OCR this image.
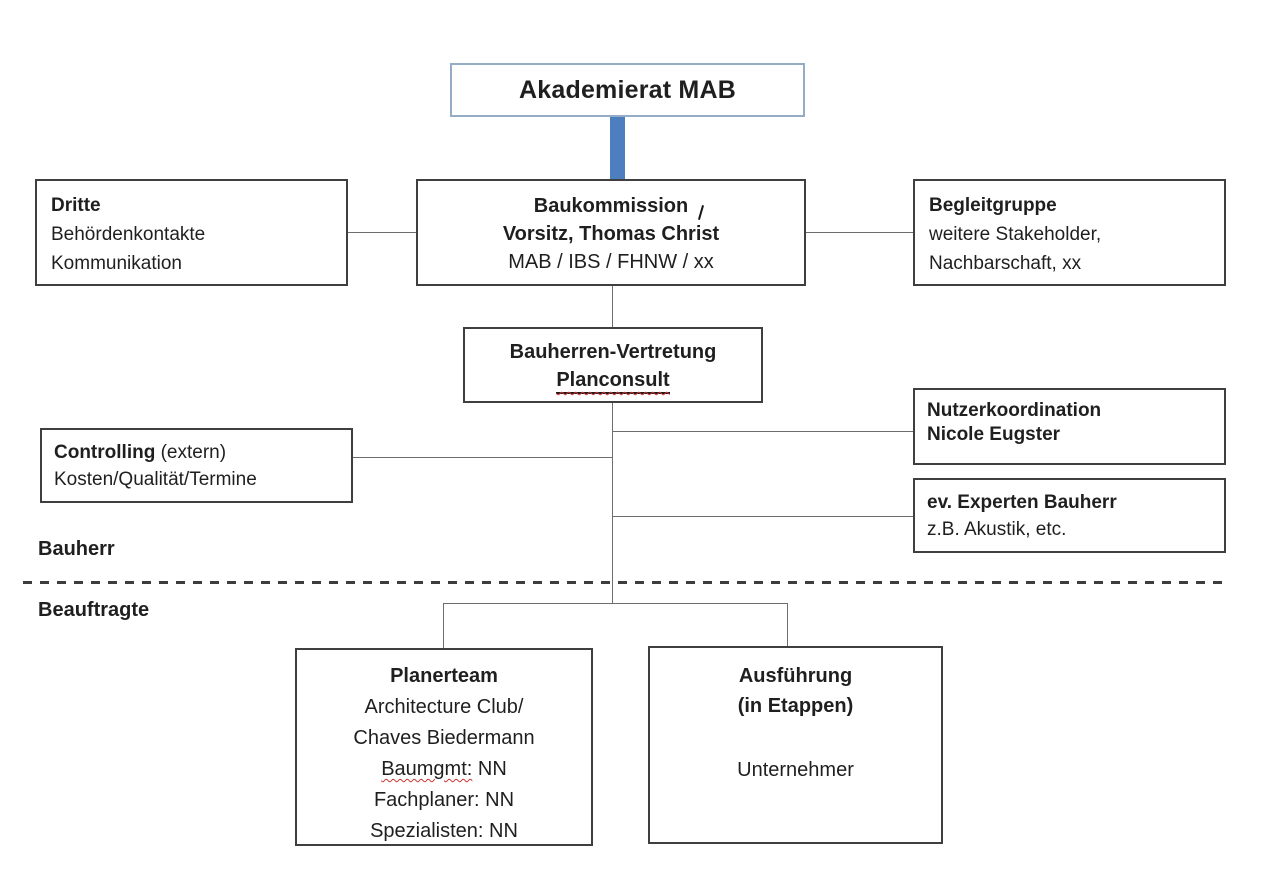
Akademierat MAB
Dritte
Behördenkontakte
Kommunikation
Baukommission
Vorsitz, Thomas Christ
MAB / IBS / FHNW / xx
Begleitgruppe
weitere Stakeholder,
Nachbarschaft, xx
Bauherren-Vertretung
Planconsult
Nutzerkoordination
Nicole Eugster
Controlling (extern)
Kosten/Qualität/Termine
ev. Experten Bauherr
z.B. Akustik, etc.
Bauherr
Beauftragte
Planerteam
Architecture Club/
Chaves Biedermann
Baumgmt: NN
Fachplaner: NN
Spezialisten: NN
Ausführung
(in Etappen)
Unternehmer
